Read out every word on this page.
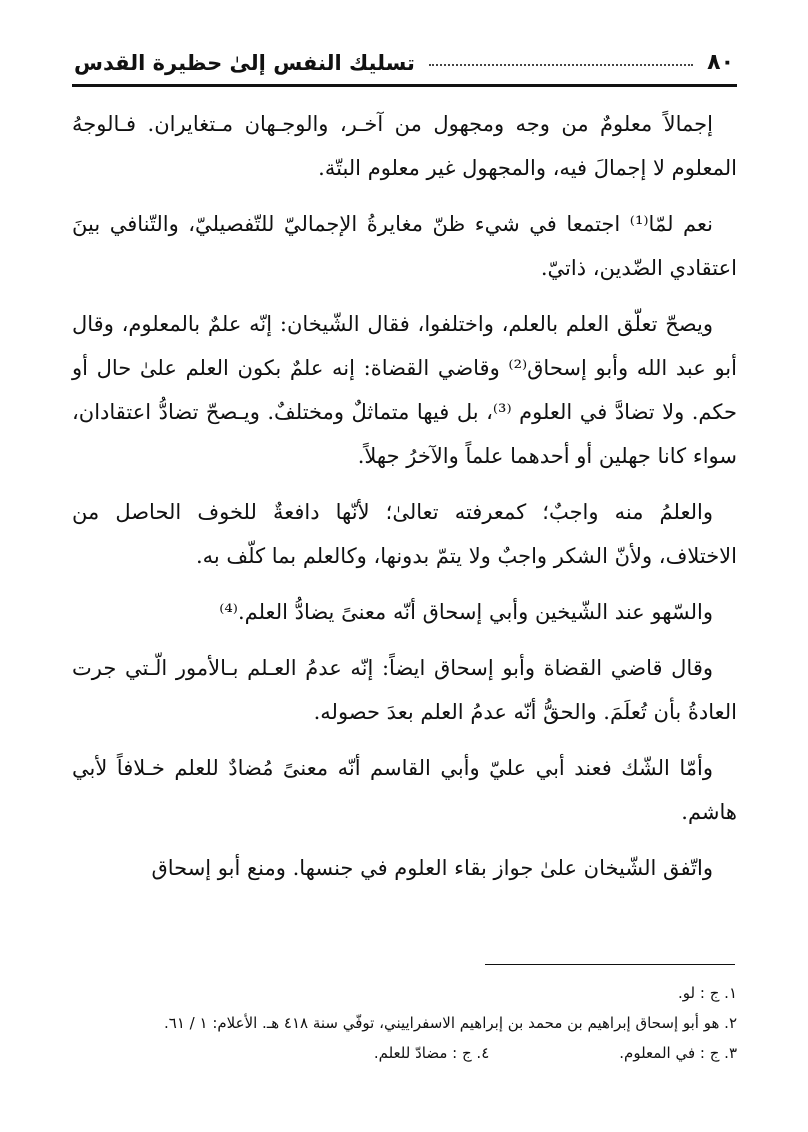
٨٠
تسليك النفس إلىٰ حظيرة القدس

إجمالاً معلومٌ من وجه ومجهول من آخـر، والوجـهان مـتغايران. فـالوجهُ المعلوم لا إجمالَ فيه، والمجهول غير معلوم البتّة.

نعم لمّا⁽¹⁾ اجتمعا في شيء ظنّ مغايرةُ الإجماليّ للتّفصيليّ، والتّنافي بينَ اعتقادي الضّدين، ذاتيّ.

ويصحّ تعلّق العلم بالعلم، واختلفوا، فقال الشّيخان: إنّه علمٌ بالمعلوم، وقال أبو عبد الله وأبو إسحاق⁽²⁾ وقاضي القضاة: إنه علمٌ بكون العلم علىٰ حال أو حكم. ولا تضادَّ في العلوم ⁽³⁾، بل فيها متماثلٌ ومختلفٌ. ويـصحّ تضادُّ اعتقادان، سواء كانا جهلين أو أحدهما علماً والآخرُ جهلاً.

والعلمُ منه واجبٌ؛ كمعرفته تعالىٰ؛ لأنّها دافعةٌ للخوف الحاصل من الاختلاف، ولأنّ الشكر واجبٌ ولا يتمّ بدونها، وكالعلم بما كلّف به.

والسّهو عند الشّيخين وأبي إسحاق أنّه معنىً يضادُّ العلم.⁽⁴⁾

وقال قاضي القضاة وأبو إسحاق ايضاً: إنّه عدمُ العـلم بـالأمور الّـتي جرت العادةُ بأن تُعلَمَ. والحقُّ أنّه عدمُ العلم بعدَ حصوله.

وأمّا الشّك فعند أبي عليّ وأبي القاسم أنّه معنىً مُضادٌ للعلم خـلافاً لأبي هاشم.

واتّفق الشّيخان علىٰ جواز بقاء العلوم في جنسها. ومنع أبو إسحاق

١. ج : لو.
٢. هو أبو إسحاق إبراهيم بن محمد بن إبراهيم الاسفراييني، توفّي سنة ٤١٨ هـ. الأعلام: ١ / ٦١.
٣. ج : في المعلوم.
٤. ج : مضادّ للعلم.
